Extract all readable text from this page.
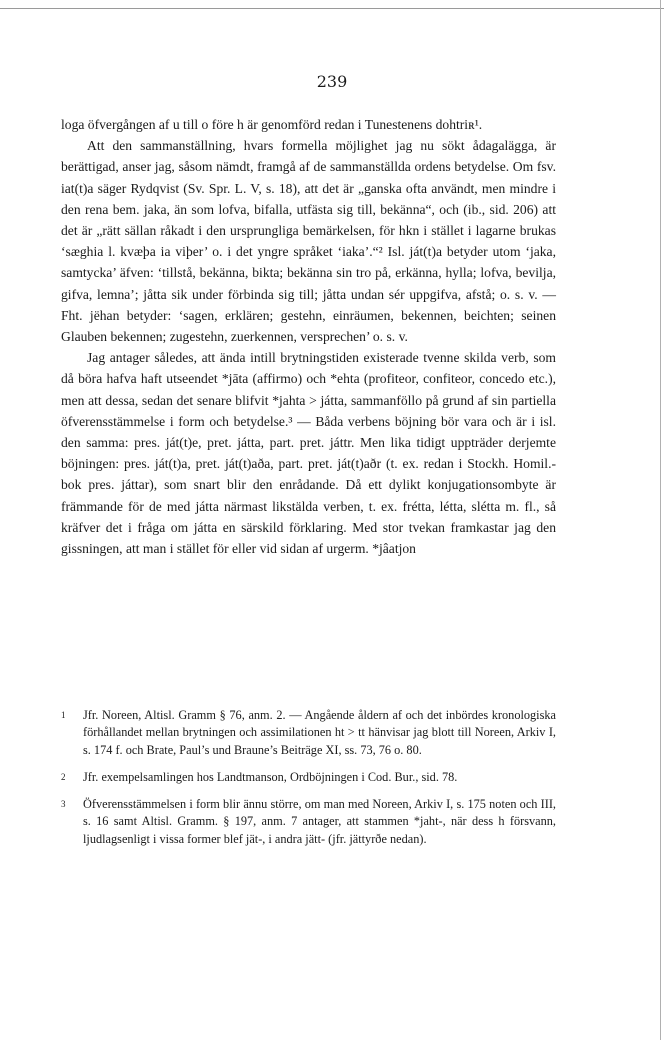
239

loga öfvergången af u till o före h är genomförd redan i Tunestenens dohtriʀ¹.

Att den sammanställning, hvars formella möjlighet jag nu sökt ådagalägga, är berättigad, anser jag, såsom nämdt, framgå af de sammanställda ordens betydelse. Om fsv. iat(t)a säger Rydqvist (Sv. Spr. L. V, s. 18), att det är „ganska ofta användt, men mindre i den rena bem. jaka, än som lofva, bifalla, utfästa sig till, bekänna“, och (ib., sid. 206) att det är „rätt sällan råkadt i den ursprungliga bemärkelsen, för hkn i stället i lagarne brukas ‘sæghia l. kvæþa ia viþer’ o. i det yngre språket ‘iaka’.“² Isl. ját(t)a betyder utom ‘jaka, samtycka’ äfven: ‘tillstå, bekänna, bikta; bekänna sin tro på, erkänna, hylla; lofva, bevilja, gifva, lemna’; jåtta sik under förbinda sig till; jåtta undan sér uppgifva, afstå; o. s. v. — Fht. jëhan betyder: ‘sagen, erklären; gestehn, einräumen, bekennen, beichten; seinen Glauben bekennen; zugestehn, zuerkennen, versprechen’ o. s. v.

Jag antager således, att ända intill brytningstiden existerade tvenne skilda verb, som då böra hafva haft utseendet *jāta (affirmo) och *ehta (profiteor, confiteor, concedo etc.), men att dessa, sedan det senare blifvit *jahta > játta, sammanföllo på grund af sin partiella öfverensstämmelse i form och betydelse.³ — Båda verbens böjning bör vara och är i isl. den samma: pres. ját(t)e, pret. játta, part. pret. játtr. Men lika tidigt uppträder derjemte böjningen: pres. ját(t)a, pret. ját(t)aða, part. pret. ját(t)aðr (t. ex. redan i Stockh. Homil.-bok pres. játtar), som snart blir den enrådande. Då ett dylikt konjugationsombyte är främmande för de med játta närmast likstälda verben, t. ex. frétta, létta, slétta m. fl., så kräfver det i fråga om játta en särskild förklaring. Med stor tvekan framkastar jag den gissningen, att man i stället för eller vid sidan af urgerm. *jâatjon

1 Jfr. Noreen, Altisl. Gramm § 76, anm. 2. — Angående åldern af och det inbördes kronologiska förhållandet mellan brytningen och assimilationen ht > tt hänvisar jag blott till Noreen, Arkiv I, s. 174 f. och Brate, Paul’s und Braune’s Beiträge XI, ss. 73, 76 o. 80.
2 Jfr. exempelsamlingen hos Landtmanson, Ordböjningen i Cod. Bur., sid. 78.
3 Öfverensstämmelsen i form blir ännu större, om man med Noreen, Arkiv I, s. 175 noten och III, s. 16 samt Altisl. Gramm. § 197, anm. 7 antager, att stammen *jaht-, när dess h försvann, ljudlagsenligt i vissa former blef jät-, i andra jätt- (jfr. jättyrðe nedan).
